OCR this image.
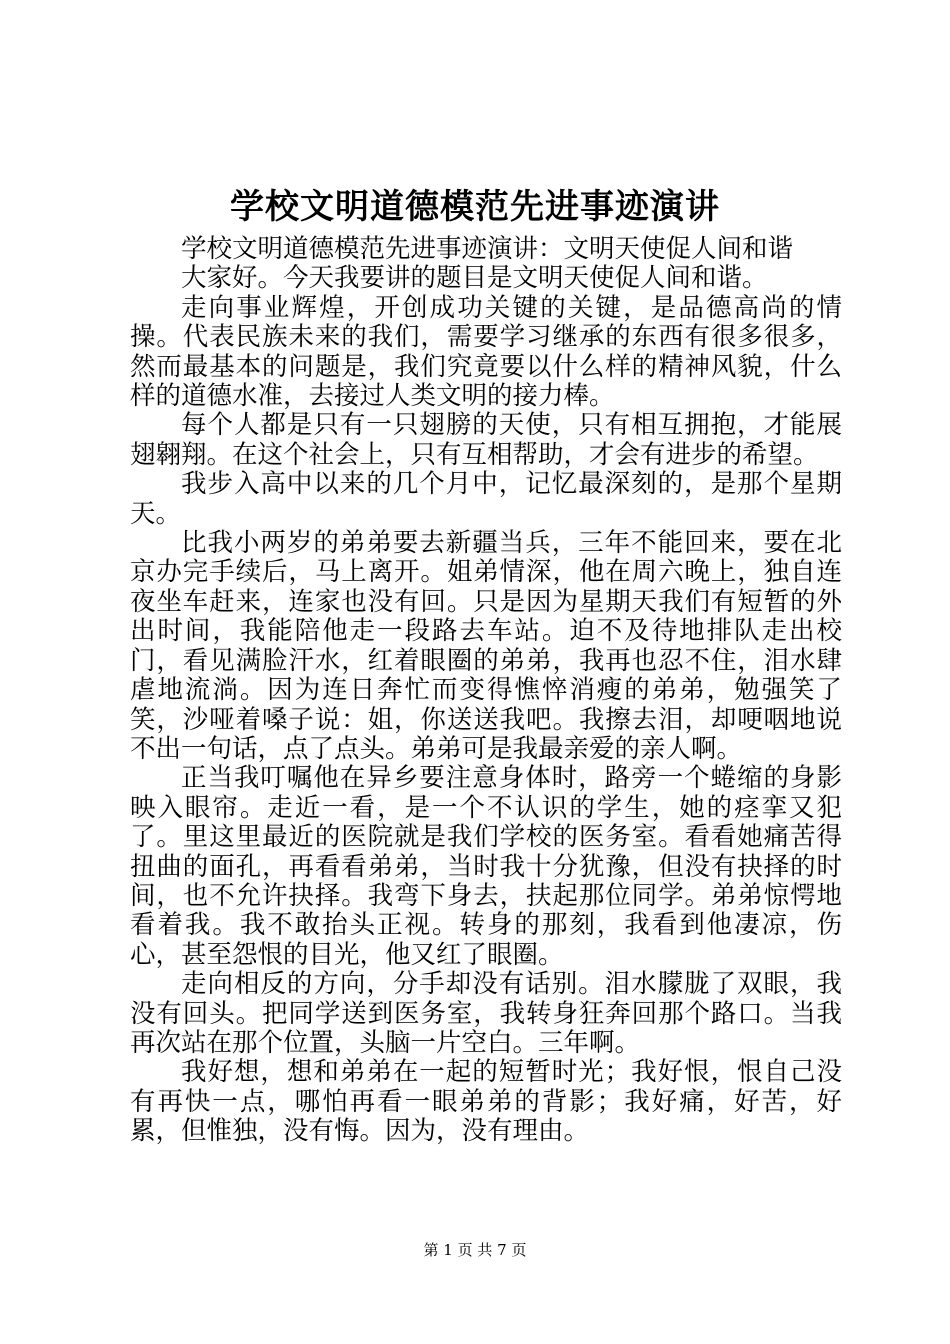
学校文明道德模范先进事迹演讲

学校文明道德模范先进事迹演讲：文明天使促人间和谐

大家好。今天我要讲的题目是文明天使促人间和谐。

走向事业辉煌，开创成功关键的关键，是品德高尚的情操。代表民族未来的我们，需要学习继承的东西有很多很多，然而最基本的问题是，我们究竟要以什么样的精神风貌，什么样的道德水准，去接过人类文明的接力棒。

每个人都是只有一只翅膀的天使，只有相互拥抱，才能展翅翱翔。在这个社会上，只有互相帮助，才会有进步的希望。

我步入高中以来的几个月中，记忆最深刻的，是那个星期天。

比我小两岁的弟弟要去新疆当兵，三年不能回来，要在北京办完手续后，马上离开。姐弟情深，他在周六晚上，独自连夜坐车赶来，连家也没有回。只是因为星期天我们有短暂的外出时间，我能陪他走一段路去车站。迫不及待地排队走出校门，看见满脸汗水，红着眼圈的弟弟，我再也忍不住，泪水肆虐地流淌。因为连日奔忙而变得憔悴消瘦的弟弟，勉强笑了笑，沙哑着嗓子说：姐，你送送我吧。我擦去泪，却哽咽地说不出一句话，点了点头。弟弟可是我最亲爱的亲人啊。

正当我叮嘱他在异乡要注意身体时，路旁一个蜷缩的身影映入眼帘。走近一看，是一个不认识的学生，她的痉挛又犯了。里这里最近的医院就是我们学校的医务室。看看她痛苦得扭曲的面孔，再看看弟弟，当时我十分犹豫，但没有抉择的时间，也不允许抉择。我弯下身去，扶起那位同学。弟弟惊愕地看着我。我不敢抬头正视。转身的那刻，我看到他凄凉，伤心，甚至怨恨的目光，他又红了眼圈。

走向相反的方向，分手却没有话别。泪水朦胧了双眼，我没有回头。把同学送到医务室，我转身狂奔回那个路口。当我再次站在那个位置，头脑一片空白。三年啊。

我好想，想和弟弟在一起的短暂时光；我好恨，恨自己没有再快一点，哪怕再看一眼弟弟的背影；我好痛，好苦，好累，但惟独，没有悔。因为，没有理由。

第 1 页 共 7 页
